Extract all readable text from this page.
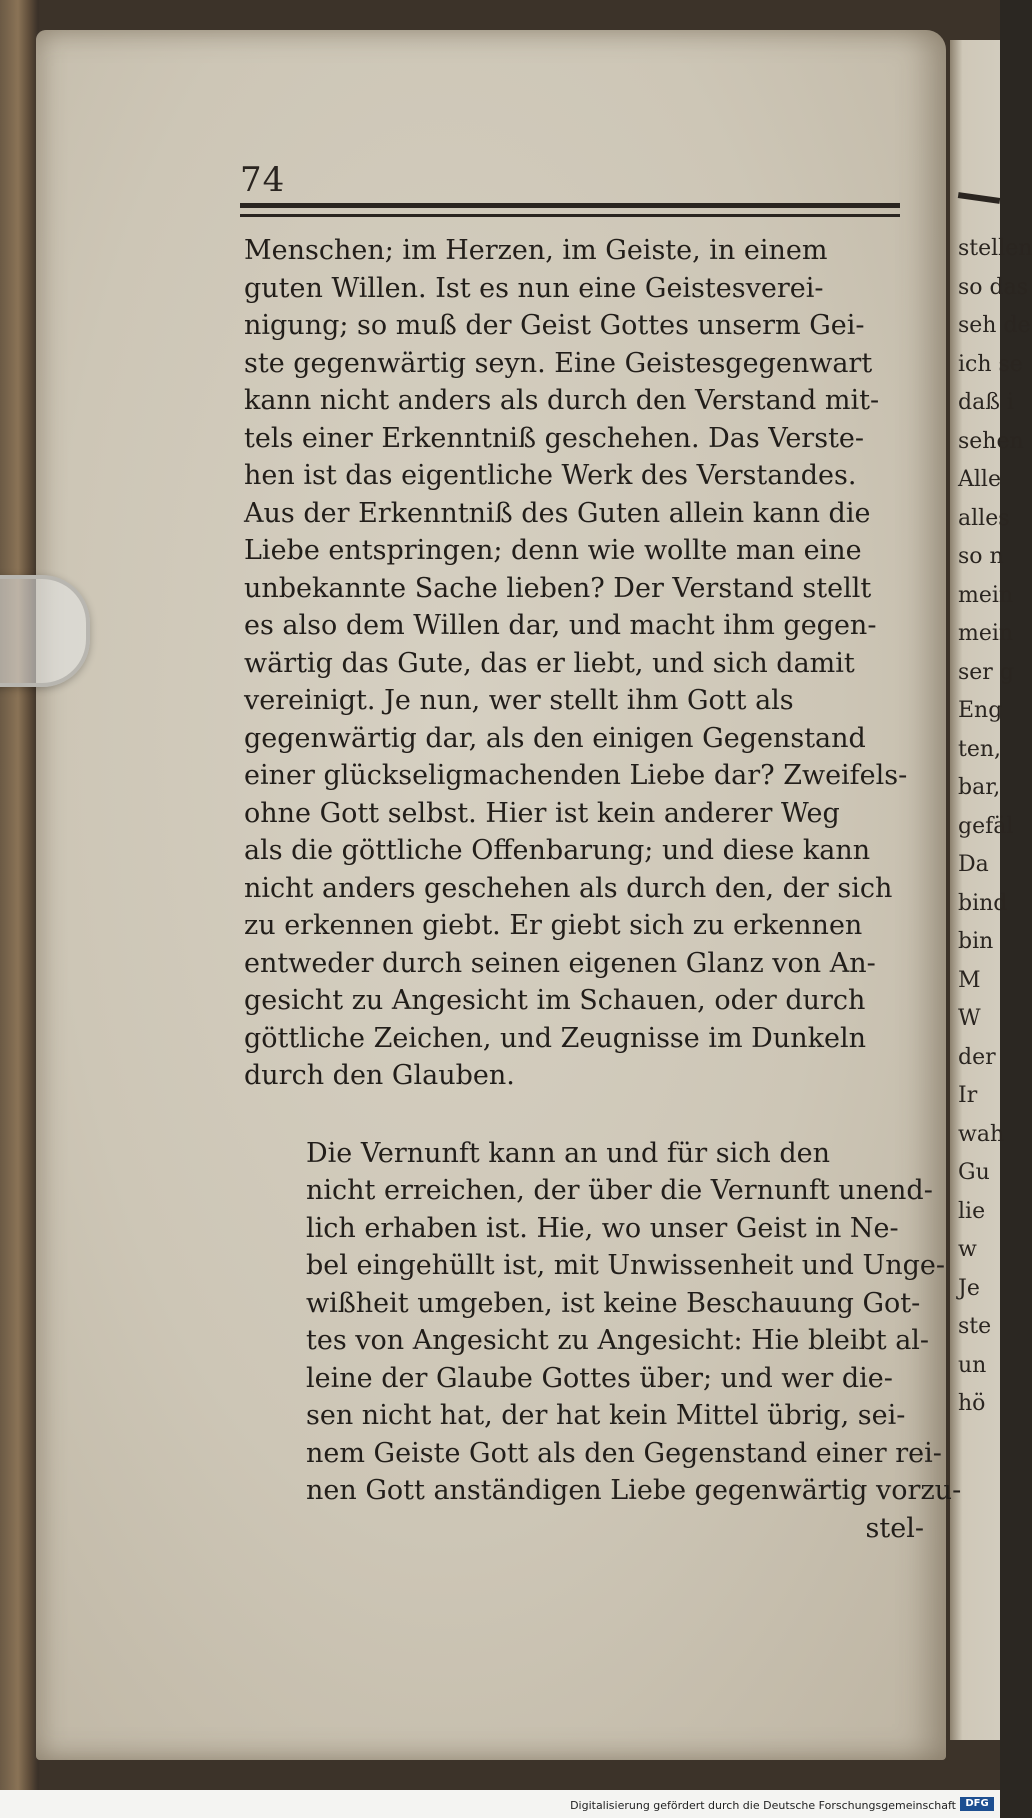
stellen
so das
seh de
ich se
daß i
sehen
Alle
alles
so n
mein
mein
ser g
Eng
ten,
bar,
gefäl
Da
bind
bin
M
W
der
Ir
wah
Gu
lie
w
Je
ste
un
hö
74

Menschen; im Herzen, im Geiste, in einem
guten Willen. Ist es nun eine Geistesverei-
nigung; so muß der Geist Gottes unserm Gei-
ste gegenwärtig seyn. Eine Geistesgegenwart
kann nicht anders als durch den Verstand mit-
tels einer Erkenntniß geschehen. Das Verste-
hen ist das eigentliche Werk des Verstandes.
Aus der Erkenntniß des Guten allein kann die
Liebe entspringen; denn wie wollte man eine
unbekannte Sache lieben? Der Verstand stellt
es also dem Willen dar, und macht ihm gegen-
wärtig das Gute, das er liebt, und sich damit
vereinigt. Je nun, wer stellt ihm Gott als
gegenwärtig dar, als den einigen Gegenstand
einer glückseligmachenden Liebe dar? Zweifels-
ohne Gott selbst. Hier ist kein anderer Weg
als die göttliche Offenbarung; und diese kann
nicht anders geschehen als durch den, der sich
zu erkennen giebt. Er giebt sich zu erkennen
entweder durch seinen eigenen Glanz von An-
gesicht zu Angesicht im Schauen, oder durch
göttliche Zeichen, und Zeugnisse im Dunkeln
durch den Glauben.

Die Vernunft kann an und für sich den
nicht erreichen, der über die Vernunft unend-
lich erhaben ist. Hie, wo unser Geist in Ne-
bel eingehüllt ist, mit Unwissenheit und Unge-
wißheit umgeben, ist keine Beschauung Got-
tes von Angesicht zu Angesicht: Hie bleibt al-
leine der Glaube Gottes über; und wer die-
sen nicht hat, der hat kein Mittel übrig, sei-
nem Geiste Gott als den Gegenstand einer rei-
nen Gott anständigen Liebe gegenwärtig vorzu-

stel-
Digitalisierung gefördert durch die Deutsche Forschungsgemeinschaft DFG
